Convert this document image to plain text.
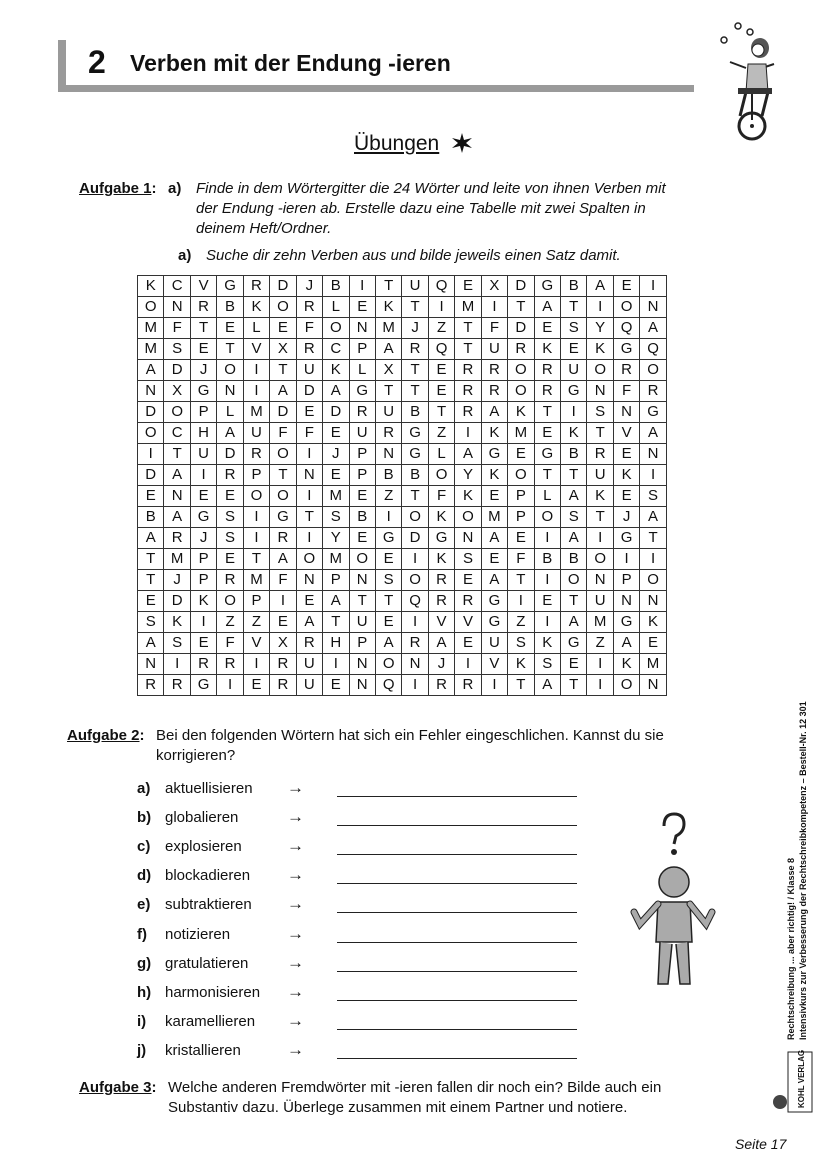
2 Verben mit der Endung -ieren
Übungen
Aufgabe 1: a) Finde in dem Wörtergitter die 24 Wörter und leite von ihnen Verben mit
der Endung -ieren ab. Erstelle dazu eine Tabelle mit zwei Spalten in
deinem Heft/Ordner.
a) Suche dir zehn Verben aus und bilde jeweils einen Satz damit.
K	C	V	G	R	D	J	B	I	T	U	Q	E	X	D	G	B	A	E	I
O	N	R	B	K	O	R	L	E	K	T	I	M	I	T	A	T	I	O	N
M	F	T	E	L	E	F	O	N	M	J	Z	T	F	D	E	S	Y	Q	A
M	S	E	T	V	X	R	C	P	A	R	Q	T	U	R	K	E	K	G	Q
A	D	J	O	I	T	U	K	L	X	T	E	R	R	O	R	U	O	R	O
N	X	G	N	I	A	D	A	G	T	T	E	R	R	O	R	G	N	F	R
D	O	P	L	M	D	E	D	R	U	B	T	R	A	K	T	I	S	N	G
O	C	H	A	U	F	F	E	U	R	G	Z	I	K	M	E	K	T	V	A
I	T	U	D	R	O	I	J	P	N	G	L	A	G	E	G	B	R	E	N
D	A	I	R	P	T	N	E	P	B	B	O	Y	K	O	T	T	U	K	I
E	N	E	E	O	O	I	M	E	Z	T	F	K	E	P	L	A	K	E	S
B	A	G	S	I	G	T	S	B	I	O	K	O	M	P	O	S	T	J	A
A	R	J	S	I	R	I	Y	E	G	D	G	N	A	E	I	A	I	G	T
T	M	P	E	T	A	O	M	O	E	I	K	S	E	F	B	B	O	I	I
T	J	P	R	M	F	N	P	N	S	O	R	E	A	T	I	O	N	P	O
E	D	K	O	P	I	E	A	T	T	Q	R	R	G	I	E	T	U	N	N
S	K	I	Z	Z	E	A	T	U	E	I	V	V	G	Z	I	A	M	G	K
A	S	E	F	V	X	R	H	P	A	R	A	E	U	S	K	G	Z	A	E
N	I	R	R	I	R	U	I	N	O	N	J	I	V	K	S	E	I	K	M
R	R	G	I	E	R	U	E	N	Q	I	R	R	I	T	A	T	I	O	N
Aufgabe 2: Bei den folgenden Wörtern hat sich ein Fehler eingeschlichen. Kannst du sie
korrigieren?
a) aktuellisieren →
b) globalieren	→
c) explosieren	→
d) blockadieren →
e) subtraktieren →
f) notizieren	→
g) gratulatieren →
h) harmonisieren →
i) karamellieren →
j) kristallieren	→
Aufgabe 3: Welche anderen Fremdwörter mit -ieren fallen dir noch ein? Bilde auch ein
Substantiv dazu. Überlege zusammen mit einem Partner und notiere.
Rechtschreibung ... aber richtig! / Klasse 8 Intensivkurs zur Verbesserung der Rechtschreibkompetenz – Bestell-Nr. 12 301
KOHL VERLAG
Seite 17
